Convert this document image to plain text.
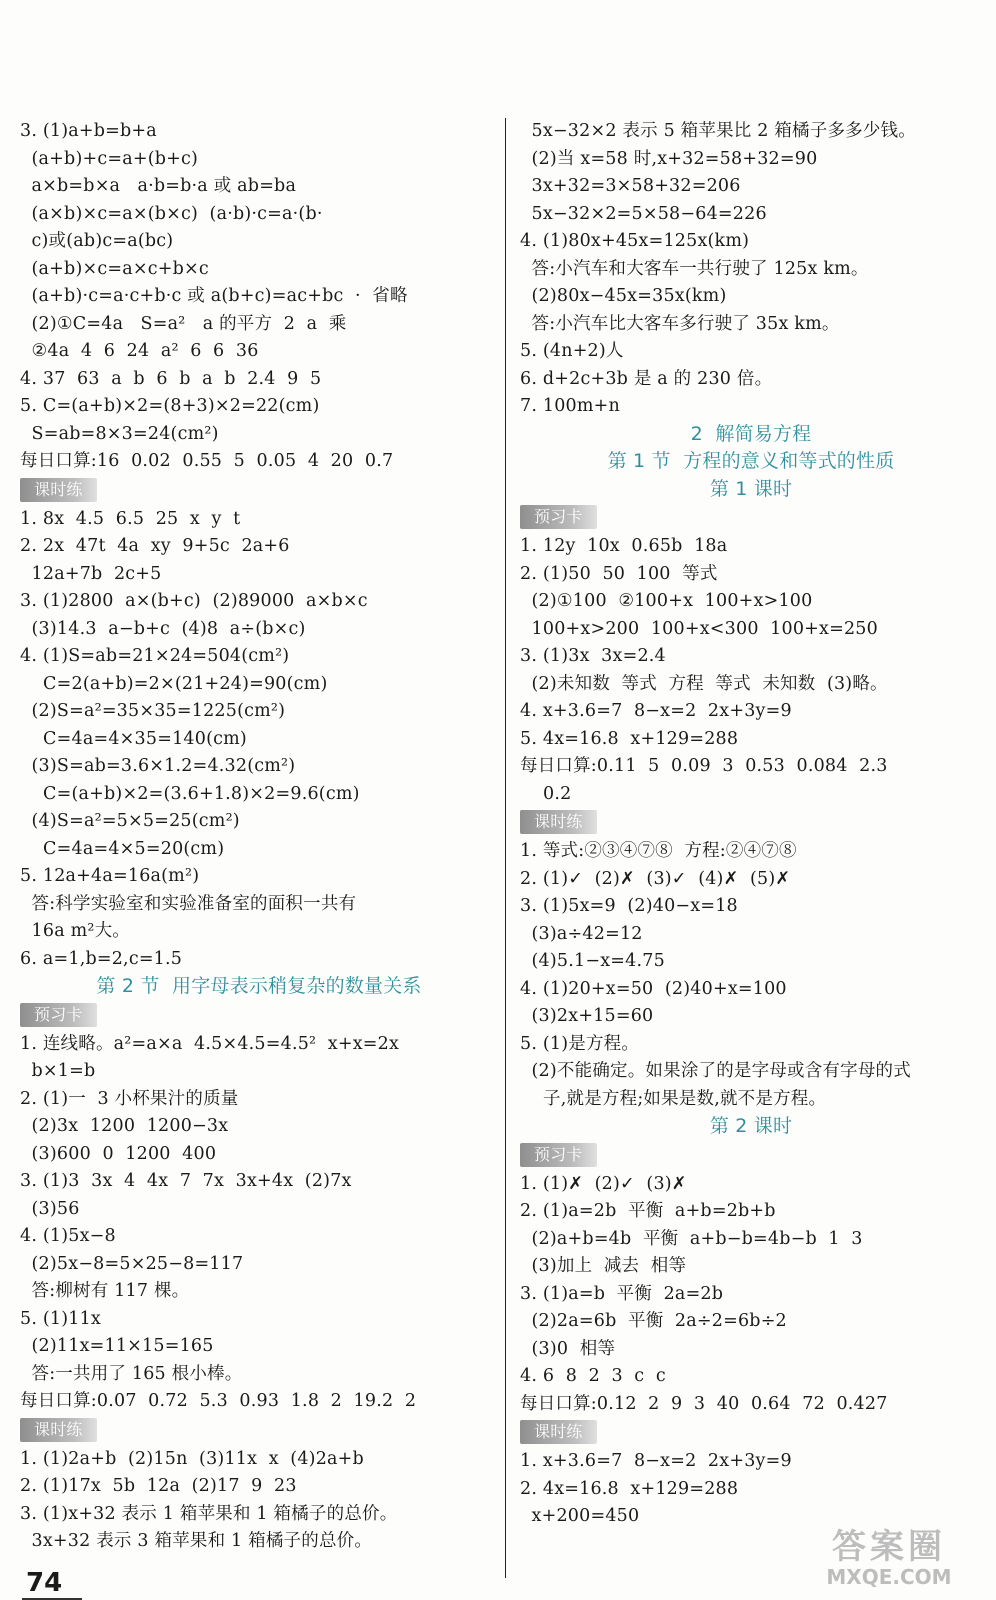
3. (1)a+b=b+a
(a+b)+c=a+(b+c)
a×b=b×a   a·b=b·a 或 ab=ba
(a×b)×c=a×(b×c)  (a·b)·c=a·(b·
c)或(ab)c=a(bc)
(a+b)×c=a×c+b×c
(a+b)·c=a·c+b·c 或 a(b+c)=ac+bc  ·  省略
(2)①C=4a   S=a²   a 的平方  2  a  乘
②4a  4  6  24  a²  6  6  36
4. 37  63  a  b  6  b  a  b  2.4  9  5
5. C=(a+b)×2=(8+3)×2=22(cm)
S=ab=8×3=24(cm²)
每日口算:16  0.02  0.55  5  0.05  4  20  0.7
课时练
1. 8x  4.5  6.5  25  x  y  t
2. 2x  47t  4a  xy  9+5c  2a+6
12a+7b  2c+5
3. (1)2800  a×(b+c)  (2)89000  a×b×c
(3)14.3  a−b+c  (4)8  a÷(b×c)
4. (1)S=ab=21×24=504(cm²)
C=2(a+b)=2×(21+24)=90(cm)
(2)S=a²=35×35=1225(cm²)
C=4a=4×35=140(cm)
(3)S=ab=3.6×1.2=4.32(cm²)
C=(a+b)×2=(3.6+1.8)×2=9.6(cm)
(4)S=a²=5×5=25(cm²)
C=4a=4×5=20(cm)
5. 12a+4a=16a(m²)
答:科学实验室和实验准备室的面积一共有
16a m²大。
6. a=1,b=2,c=1.5
第 2 节  用字母表示稍复杂的数量关系
预习卡
1. 连线略。a²=a×a  4.5×4.5=4.5²  x+x=2x
b×1=b
2. (1)一  3 小杯果汁的质量
(2)3x  1200  1200−3x
(3)600  0  1200  400
3. (1)3  3x  4  4x  7  7x  3x+4x  (2)7x
(3)56
4. (1)5x−8
(2)5x−8=5×25−8=117
答:柳树有 117 棵。
5. (1)11x
(2)11x=11×15=165
答:一共用了 165 根小棒。
每日口算:0.07  0.72  5.3  0.93  1.8  2  19.2  2
课时练
1. (1)2a+b  (2)15n  (3)11x  x  (4)2a+b
2. (1)17x  5b  12a  (2)17  9  23
3. (1)x+32 表示 1 箱苹果和 1 箱橘子的总价。
3x+32 表示 3 箱苹果和 1 箱橘子的总价。
5x−32×2 表示 5 箱苹果比 2 箱橘子多多少钱。
(2)当 x=58 时,x+32=58+32=90
3x+32=3×58+32=206
5x−32×2=5×58−64=226
4. (1)80x+45x=125x(km)
答:小汽车和大客车一共行驶了 125x km。
(2)80x−45x=35x(km)
答:小汽车比大客车多行驶了 35x km。
5. (4n+2)人
6. d+2c+3b 是 a 的 230 倍。
7. 100m+n
2  解简易方程
第 1 节  方程的意义和等式的性质
第 1 课时
预习卡
1. 12y  10x  0.65b  18a
2. (1)50  50  100  等式
(2)①100  ②100+x  100+x>100
100+x>200  100+x<300  100+x=250
3. (1)3x  3x=2.4
(2)未知数  等式  方程  等式  未知数  (3)略。
4. x+3.6=7  8−x=2  2x+3y=9
5. 4x=16.8  x+129=288
每日口算:0.11  5  0.09  3  0.53  0.084  2.3
0.2
课时练
1. 等式:②③④⑦⑧  方程:②④⑦⑧
2. (1)✓  (2)✗  (3)✓  (4)✗  (5)✗
3. (1)5x=9  (2)40−x=18
(3)a÷42=12
(4)5.1−x=4.75
4. (1)20+x=50  (2)40+x=100
(3)2x+15=60
5. (1)是方程。
(2)不能确定。如果涂了的是字母或含有字母的式
子,就是方程;如果是数,就不是方程。
第 2 课时
预习卡
1. (1)✗  (2)✓  (3)✗
2. (1)a=2b  平衡  a+b=2b+b
(2)a+b=4b  平衡  a+b−b=4b−b  1  3
(3)加上  减去  相等
3. (1)a=b  平衡  2a=2b
(2)2a=6b  平衡  2a÷2=6b÷2
(3)0  相等
4. 6  8  2  3  c  c
每日口算:0.12  2  9  3  40  0.64  72  0.427
课时练
1. x+3.6=7  8−x=2  2x+3y=9
2. 4x=16.8  x+129=288
x+200=450
74
答案圈
MXQE.COM
